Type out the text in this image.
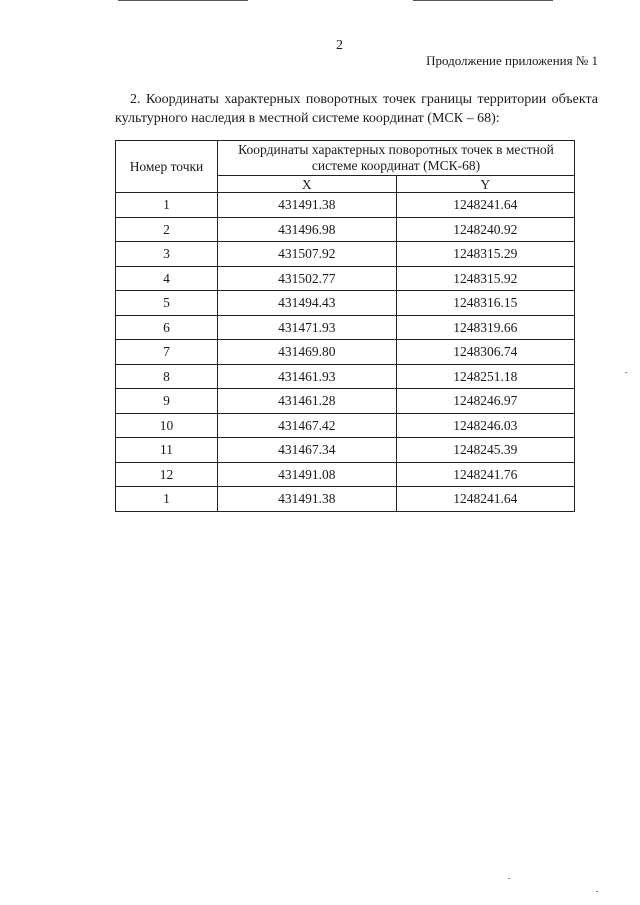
2
Продолжение приложения № 1
2. Координаты характерных поворотных точек границы территории объекта культурного наследия в местной системе координат (МСК – 68):
Номер точки	Координаты характерных поворотных точек в местной системе координат (МСК-68)	
	X	Y
1	431491.38	1248241.64
2	431496.98	1248240.92
3	431507.92	1248315.29
4	431502.77	1248315.92
5	431494.43	1248316.15
6	431471.93	1248319.66
7	431469.80	1248306.74
8	431461.93	1248251.18
9	431461.28	1248246.97
10	431467.42	1248246.03
11	431467.34	1248245.39
12	431491.08	1248241.76
1	431491.38	1248241.64
